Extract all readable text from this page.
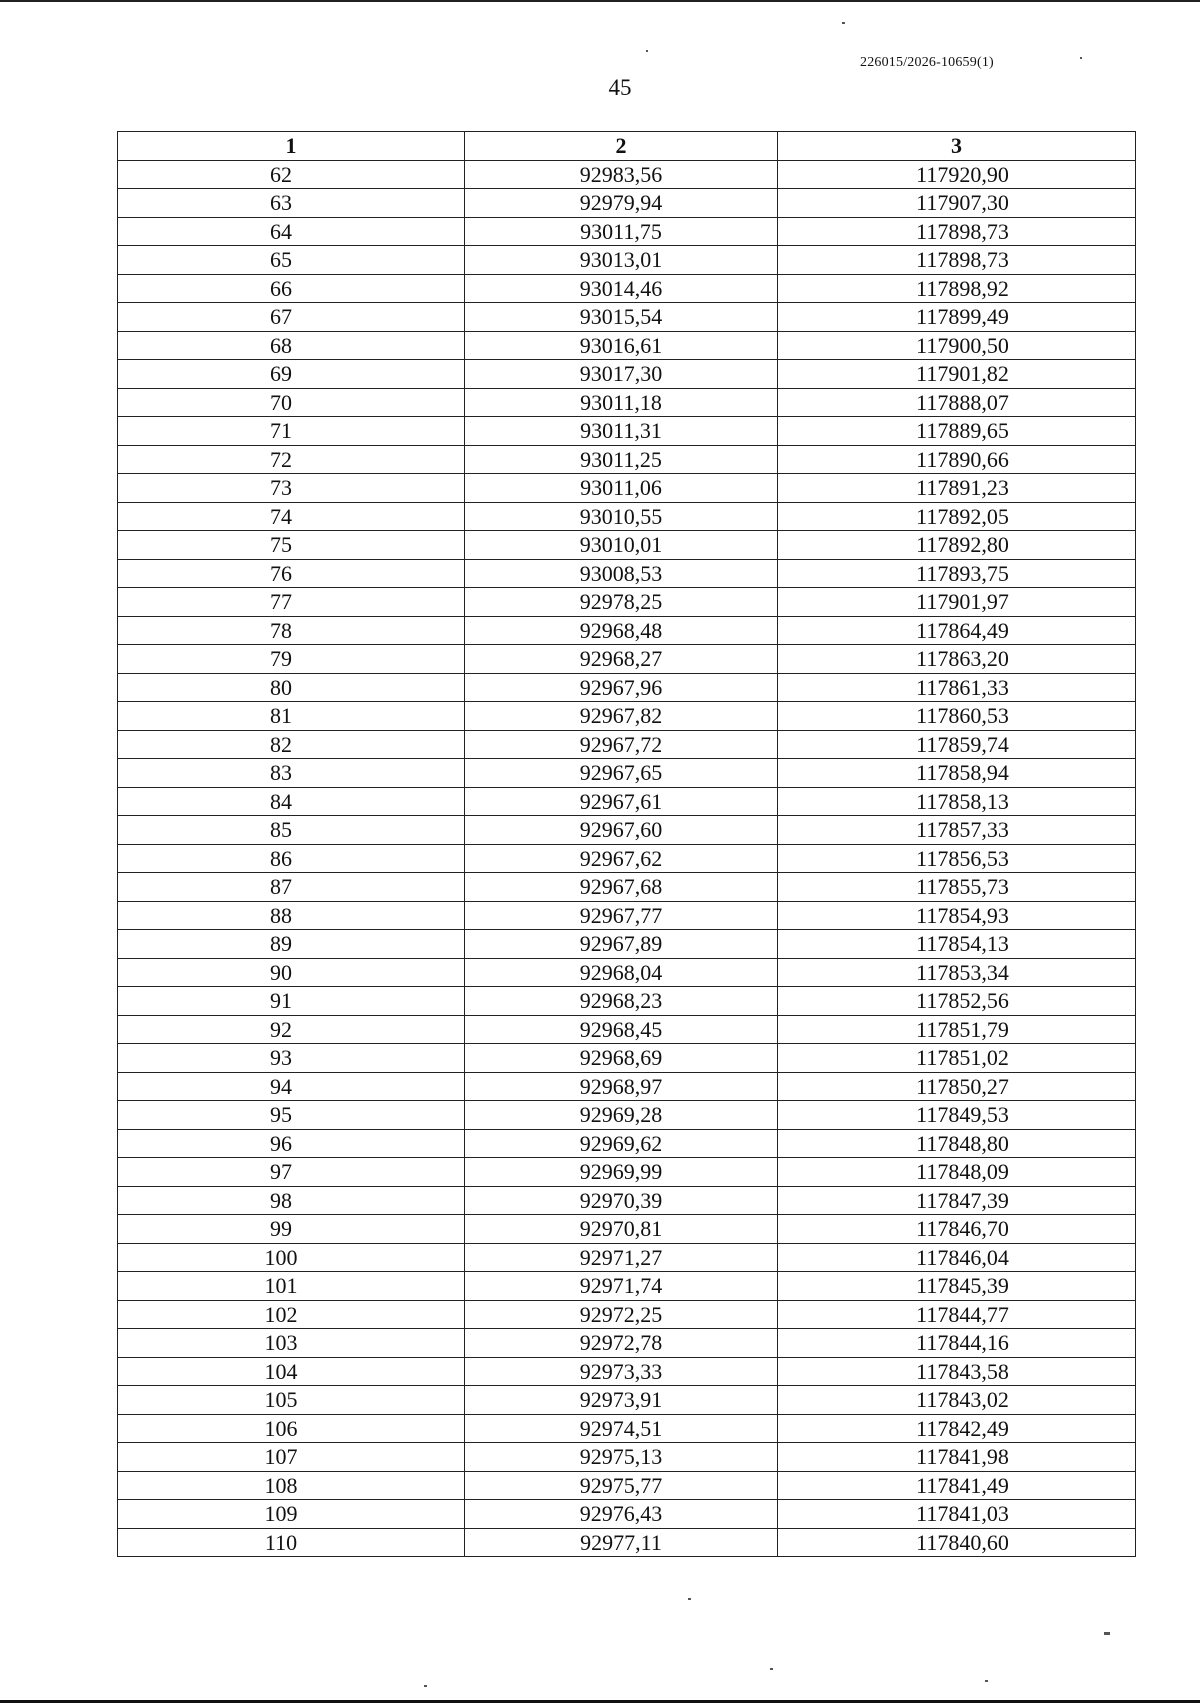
226015/2026-10659(1)
45
1	2	3
62	92983,56	117920,90
63	92979,94	117907,30
64	93011,75	117898,73
65	93013,01	117898,73
66	93014,46	117898,92
67	93015,54	117899,49
68	93016,61	117900,50
69	93017,30	117901,82
70	93011,18	117888,07
71	93011,31	117889,65
72	93011,25	117890,66
73	93011,06	117891,23
74	93010,55	117892,05
75	93010,01	117892,80
76	93008,53	117893,75
77	92978,25	117901,97
78	92968,48	117864,49
79	92968,27	117863,20
80	92967,96	117861,33
81	92967,82	117860,53
82	92967,72	117859,74
83	92967,65	117858,94
84	92967,61	117858,13
85	92967,60	117857,33
86	92967,62	117856,53
87	92967,68	117855,73
88	92967,77	117854,93
89	92967,89	117854,13
90	92968,04	117853,34
91	92968,23	117852,56
92	92968,45	117851,79
93	92968,69	117851,02
94	92968,97	117850,27
95	92969,28	117849,53
96	92969,62	117848,80
97	92969,99	117848,09
98	92970,39	117847,39
99	92970,81	117846,70
100	92971,27	117846,04
101	92971,74	117845,39
102	92972,25	117844,77
103	92972,78	117844,16
104	92973,33	117843,58
105	92973,91	117843,02
106	92974,51	117842,49
107	92975,13	117841,98
108	92975,77	117841,49
109	92976,43	117841,03
110	92977,11	117840,60
